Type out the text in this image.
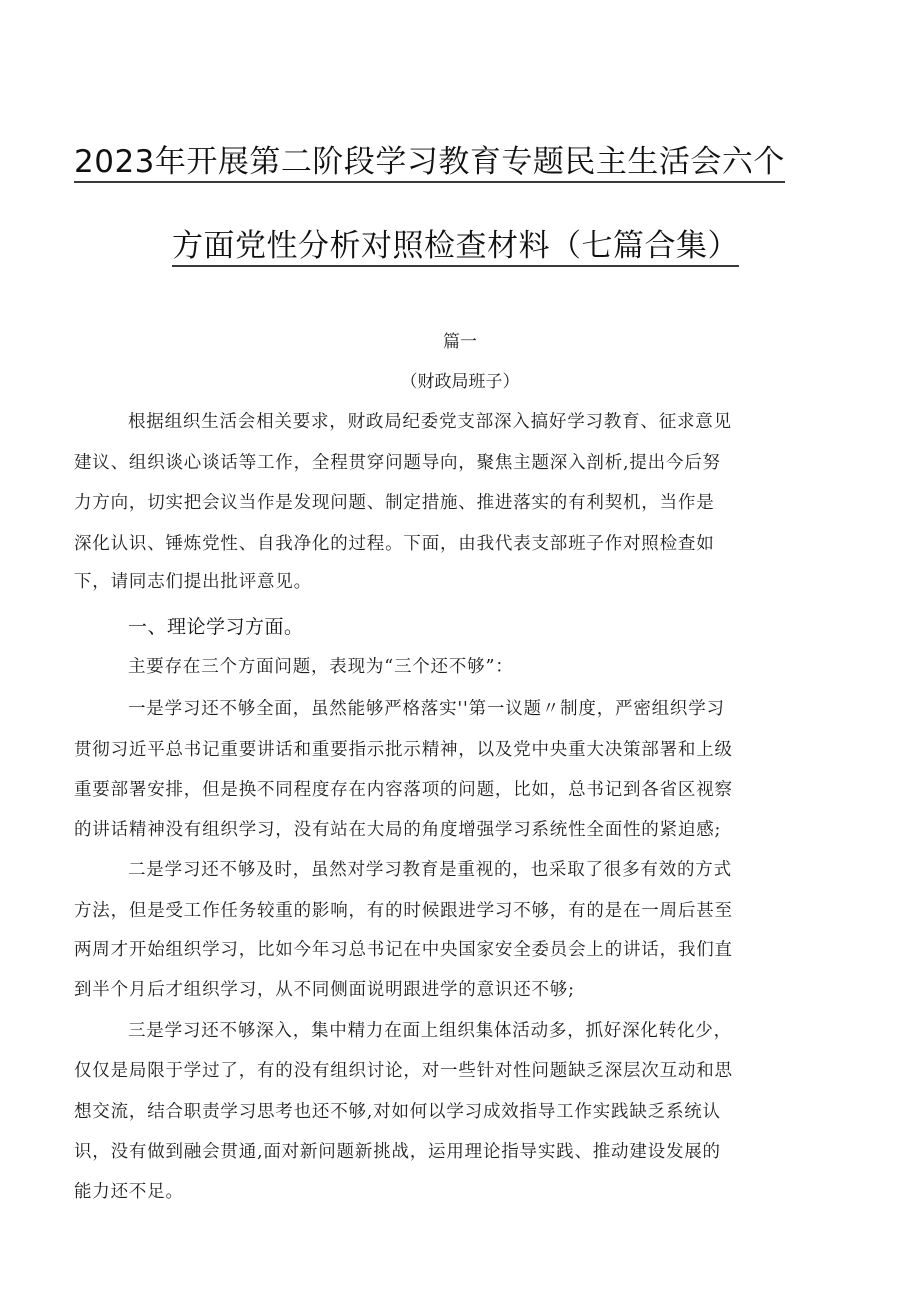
2023年开展第二阶段学习教育专题民主生活会六个
方面党性分析对照检查材料（七篇合集）
篇一
（财政局班子）
根据组织生活会相关要求，财政局纪委党支部深入搞好学习教育、征求意见
建议、组织谈心谈话等工作，全程贯穿问题导向，聚焦主题深入剖析,提出今后努
力方向，切实把会议当作是发现问题、制定措施、推进落实的有利契机，当作是
深化认识、锤炼党性、自我净化的过程。下面，由我代表支部班子作对照检查如
下，请同志们提出批评意见。
一、理论学习方面。
主要存在三个方面问题，表现为“三个还不够”：
一是学习还不够全面，虽然能够严格落实''第一议题〃制度，严密组织学习
贯彻习近平总书记重要讲话和重要指示批示精神，以及党中央重大决策部署和上级
重要部署安排，但是换不同程度存在内容落项的问题，比如，总书记到各省区视察
的讲话精神没有组织学习，没有站在大局的角度增强学习系统性全面性的紧迫感;
二是学习还不够及时，虽然对学习教育是重视的，也采取了很多有效的方式
方法，但是受工作任务较重的影响，有的时候跟进学习不够，有的是在一周后甚至
两周才开始组织学习，比如今年习总书记在中央国家安全委员会上的讲话，我们直
到半个月后才组织学习，从不同侧面说明跟进学的意识还不够;
三是学习还不够深入，集中精力在面上组织集体活动多，抓好深化转化少，
仅仅是局限于学过了，有的没有组织讨论，对一些针对性问题缺乏深层次互动和思
想交流，结合职责学习思考也还不够,对如何以学习成效指导工作实践缺乏系统认
识，没有做到融会贯通,面对新问题新挑战，运用理论指导实践、推动建设发展的
能力还不足。
